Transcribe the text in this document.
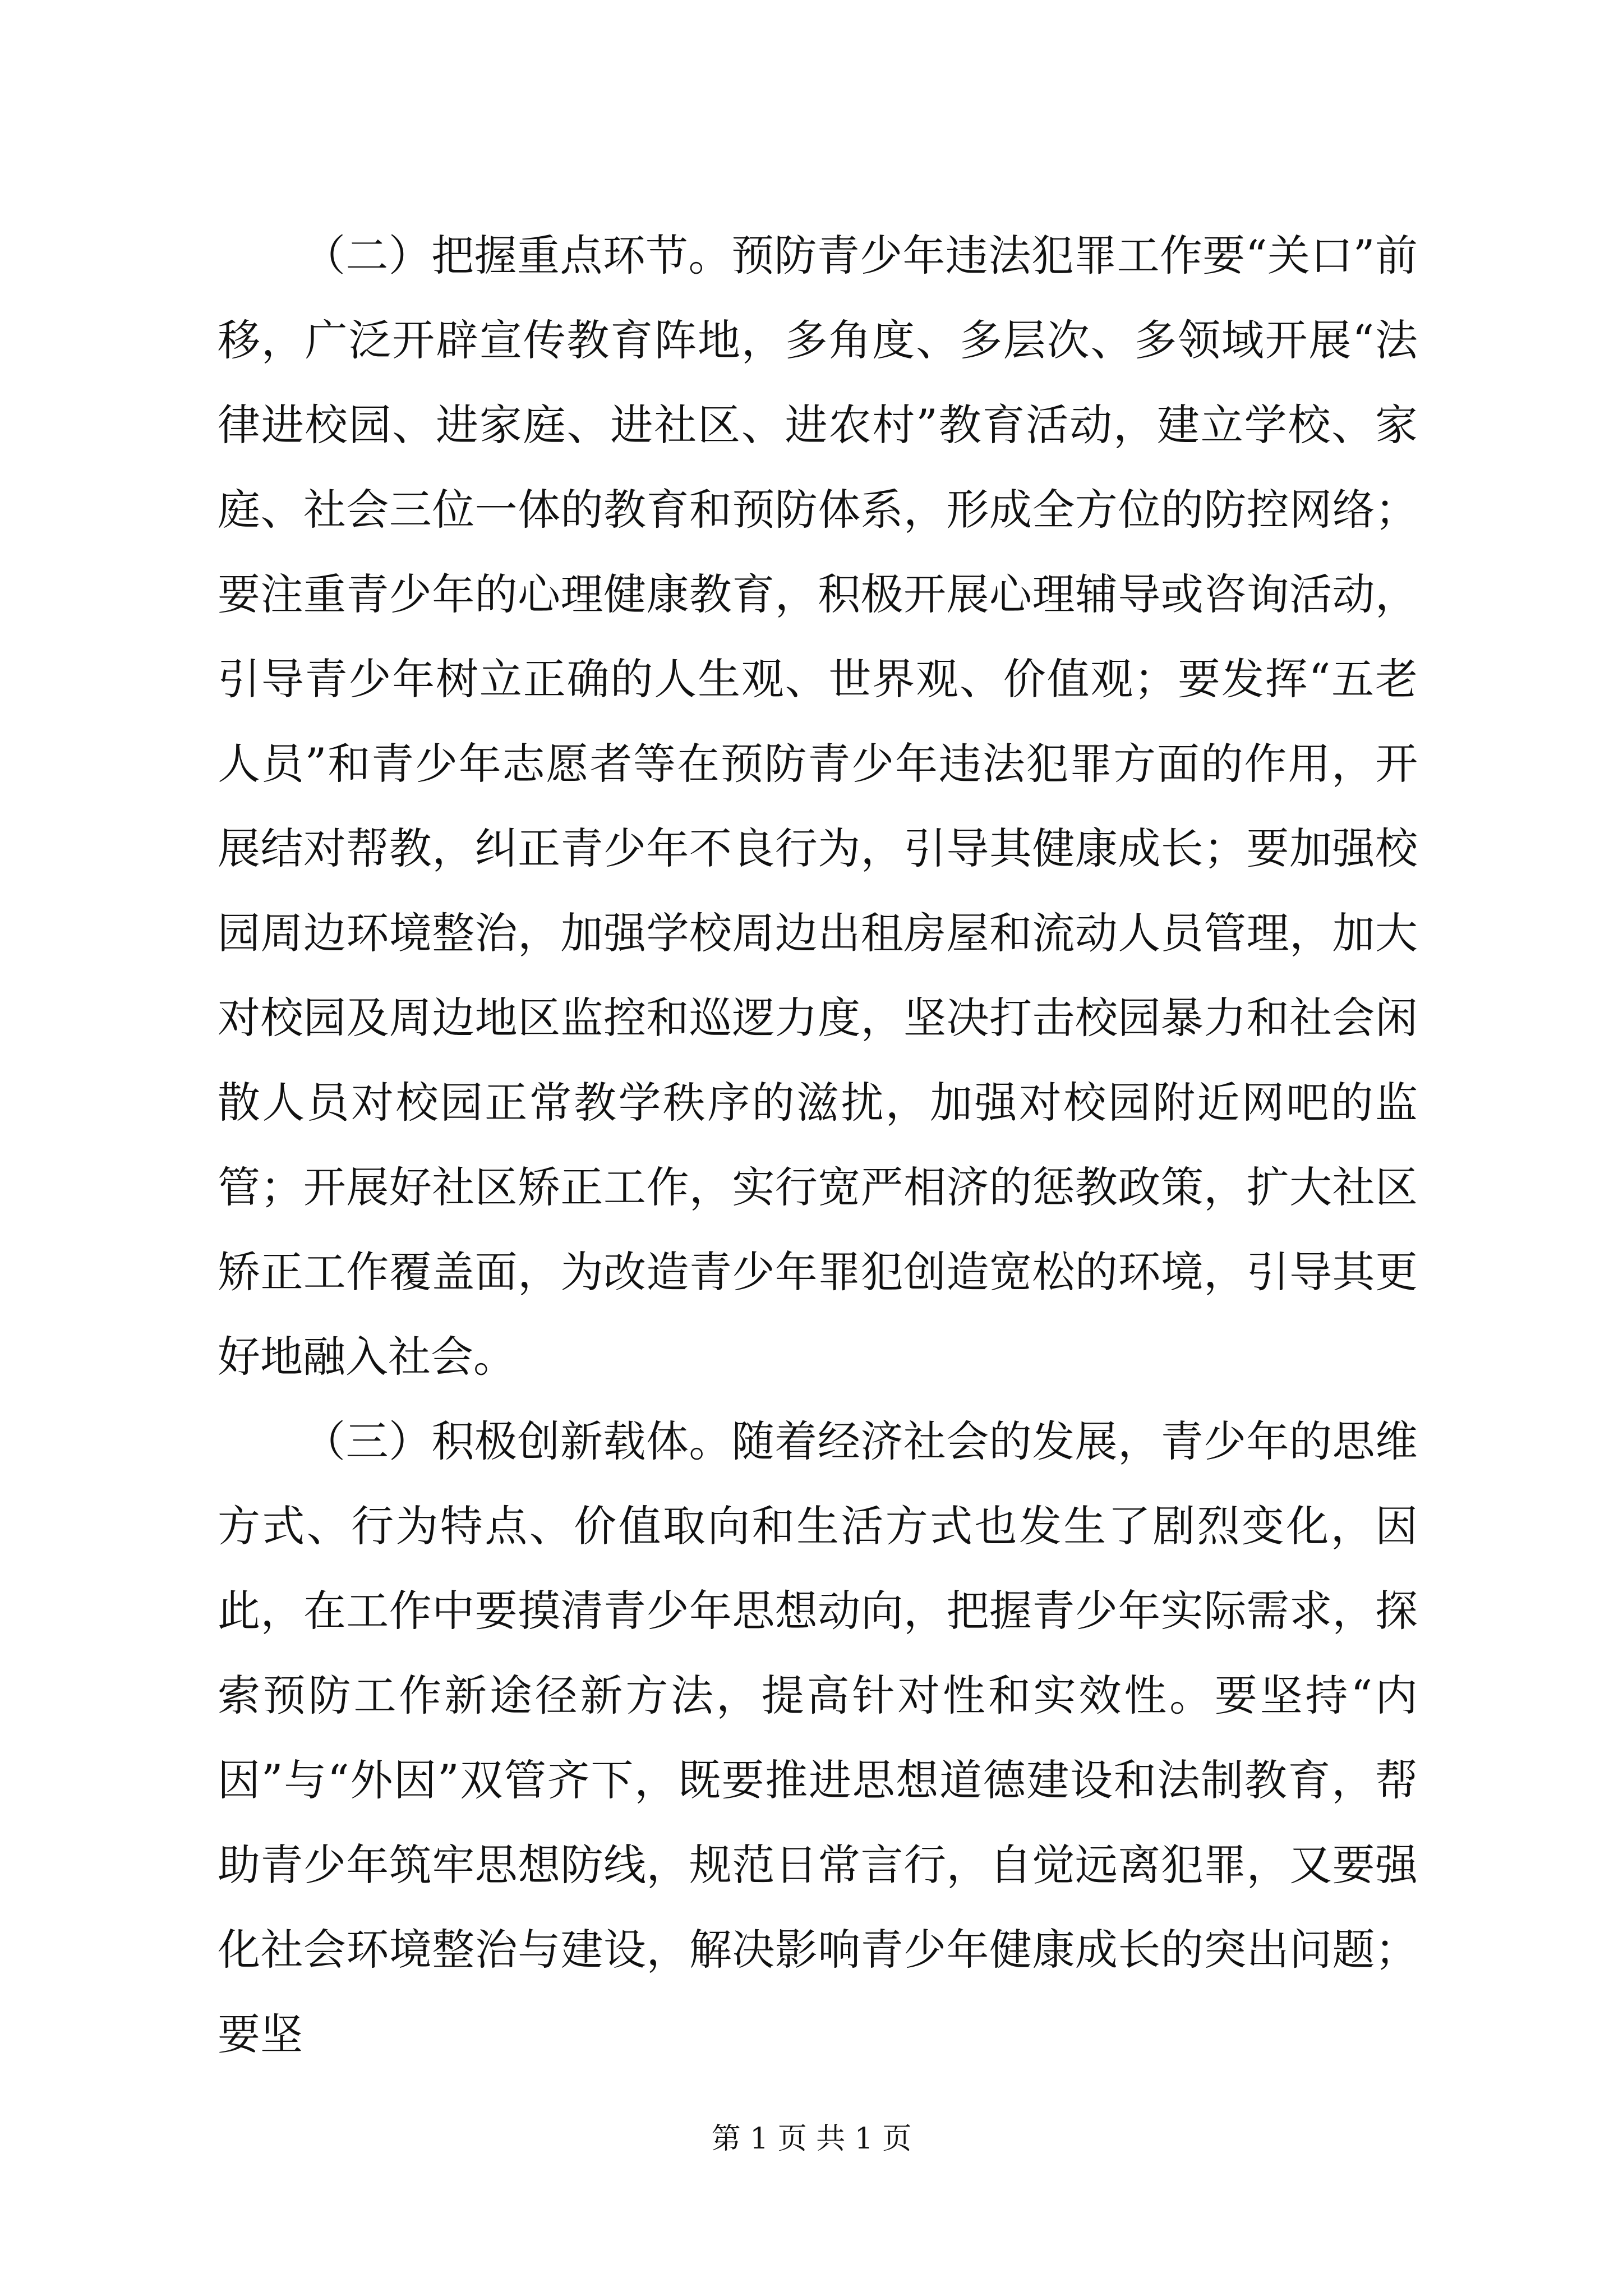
（二）把握重点环节。预防青少年违法犯罪工作要“关口”前移，广泛开辟宣传教育阵地，多角度、多层次、多领域开展“法律进校园、进家庭、进社区、进农村”教育活动，建立学校、家庭、社会三位一体的教育和预防体系，形成全方位的防控网络；要注重青少年的心理健康教育，积极开展心理辅导或咨询活动，引导青少年树立正确的人生观、世界观、价值观；要发挥“五老人员”和青少年志愿者等在预防青少年违法犯罪方面的作用，开展结对帮教，纠正青少年不良行为，引导其健康成长；要加强校园周边环境整治，加强学校周边出租房屋和流动人员管理，加大对校园及周边地区监控和巡逻力度，坚决打击校园暴力和社会闲散人员对校园正常教学秩序的滋扰，加强对校园附近网吧的监管；开展好社区矫正工作，实行宽严相济的惩教政策，扩大社区矫正工作覆盖面，为改造青少年罪犯创造宽松的环境，引导其更好地融入社会。

（三）积极创新载体。随着经济社会的发展，青少年的思维方式、行为特点、价值取向和生活方式也发生了剧烈变化，因此，在工作中要摸清青少年思想动向，把握青少年实际需求，探索预防工作新途径新方法，提高针对性和实效性。要坚持“内因”与“外因”双管齐下，既要推进思想道德建设和法制教育，帮助青少年筑牢思想防线，规范日常言行，自觉远离犯罪，又要强化社会环境整治与建设，解决影响青少年健康成长的突出问题；要坚

第 1 页 共 1 页
